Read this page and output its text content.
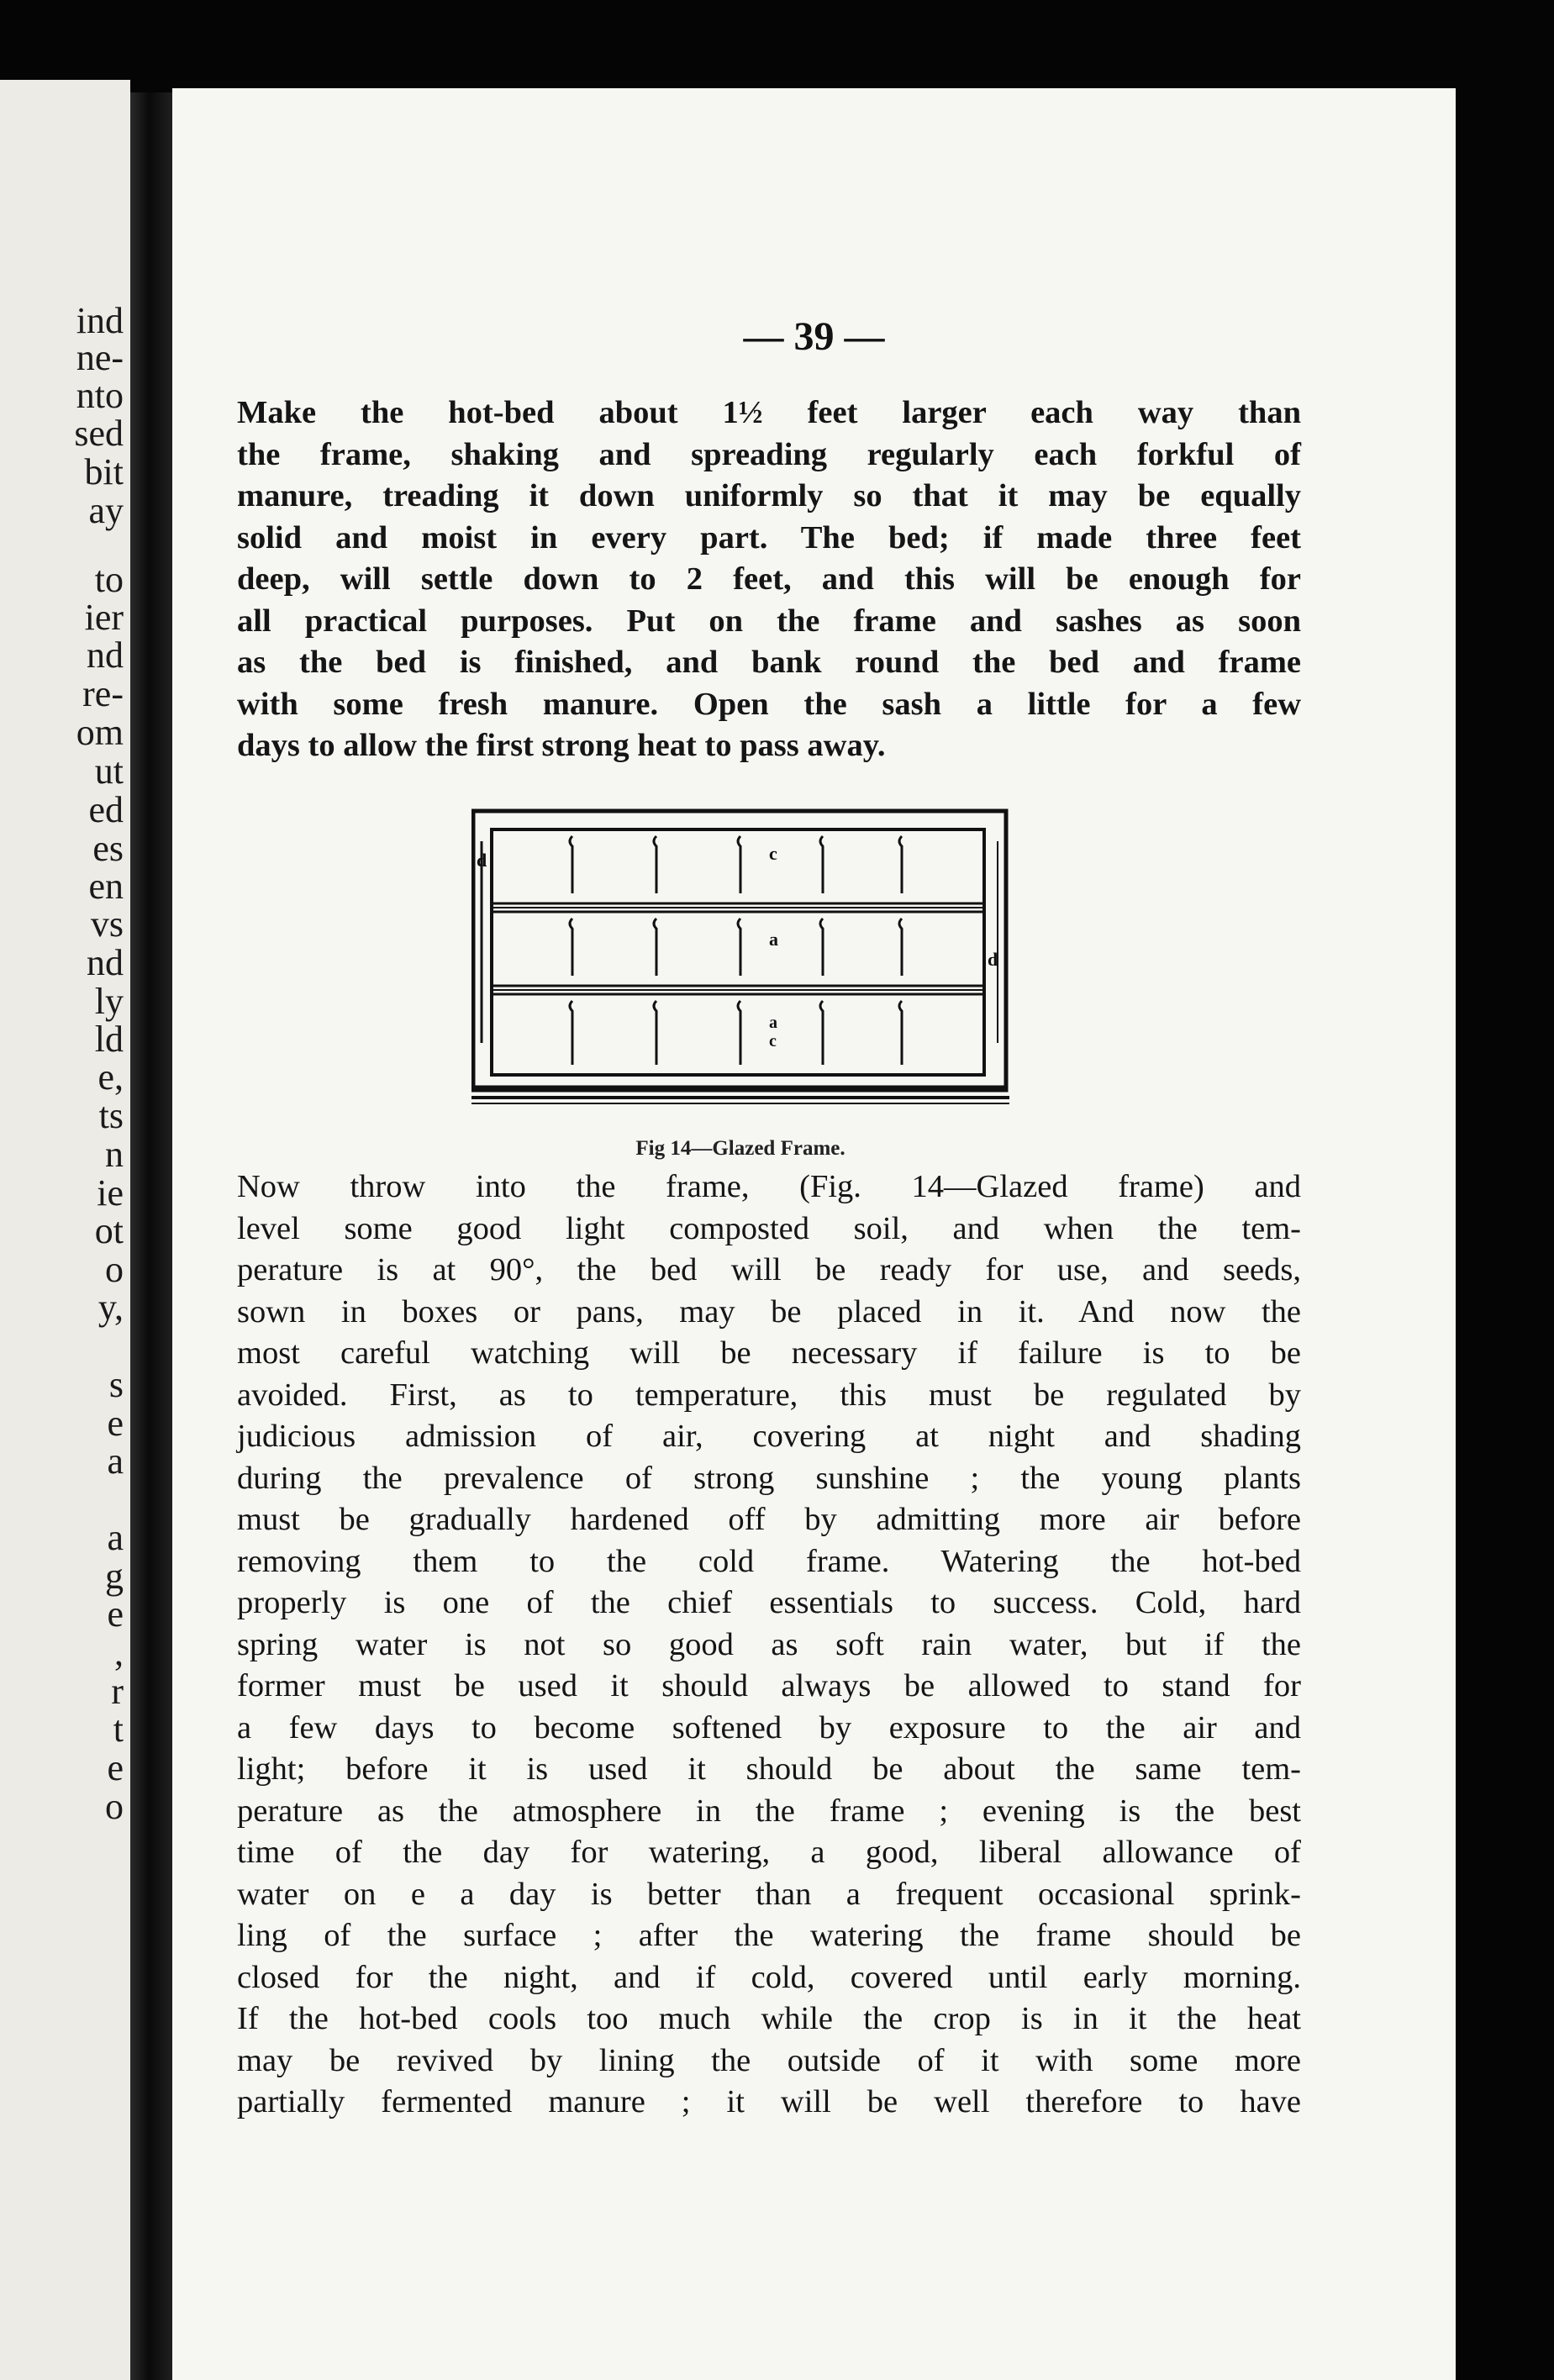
ind

ne-

nto

sed

bit

ay

to

ier

nd

re-

om

ut

ed

es

en

vs

nd

ly

ld

e,

ts

n

ie

ot

o

y,

s

e

a

a

g

e

,

r

t

e

o

— 39 —

Make the hot-bed about 1½ feet larger each way than
the frame, shaking and spreading regularly each forkful of
manure, treading it down uniformly so that it may be equally
solid and moist in every part. The bed; if made three feet
deep, will settle down to 2 feet, and this will be enough for
all practical purposes. Put on the frame and sashes as soon
as the bed is finished, and bank round the bed and frame
with some fresh manure. Open the sash a little for a few
days to allow the first strong heat to pass away.

c
a
a
c
d
d

Fig 14—Glazed Frame.

Now throw into the frame, (Fig. 14—Glazed frame) and
level some good light composted soil, and when the tem-
perature is at 90°, the bed will be ready for use, and seeds,
sown in boxes or pans, may be placed in it. And now the
most careful watching will be necessary if failure is to be
avoided. First, as to temperature, this must be regulated by
judicious admission of air, covering at night and shading
during the prevalence of strong sunshine ; the young plants
must be gradually hardened off by admitting more air before
removing them to the cold frame. Watering the hot-bed
properly is one of the chief essentials to success. Cold, hard
spring water is not so good as soft rain water, but if the
former must be used it should always be allowed to stand for
a few days to become softened by exposure to the air and
light; before it is used it should be about the same tem-
perature as the atmosphere in the frame ; evening is the best
time of the day for watering, a good, liberal allowance of
water on e a day is better than a frequent occasional sprink-
ling of the surface ; after the watering the frame should be
closed for the night, and if cold, covered until early morning.
If the hot-bed cools too much while the crop is in it the heat
may be revived by lining the outside of it with some more
partially fermented manure ; it will be well therefore to have
